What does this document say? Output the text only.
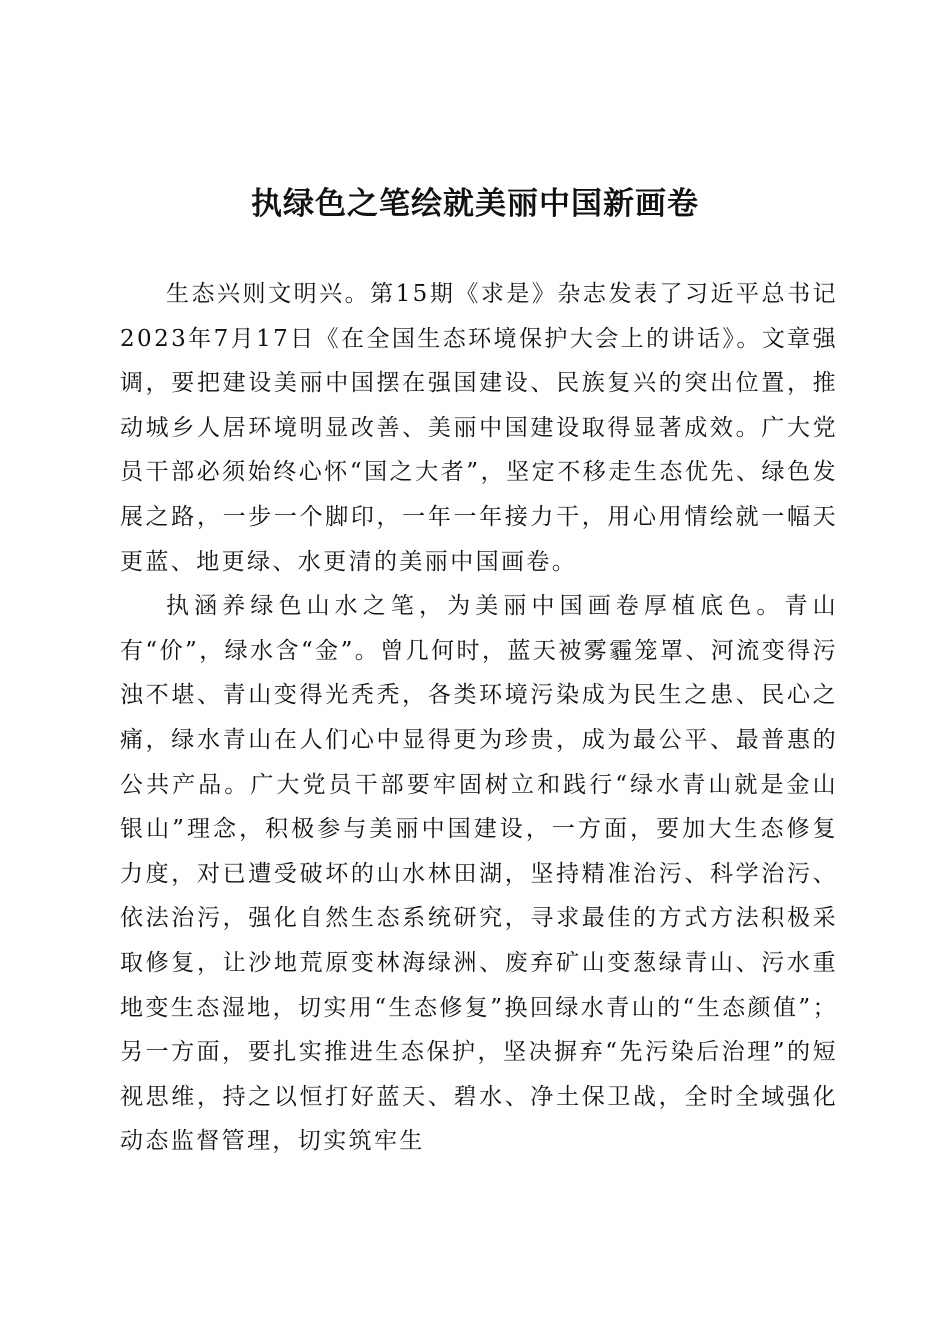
执绿色之笔绘就美丽中国新画卷

生态兴则文明兴。第15期《求是》杂志发表了习近平总书记2023年7月17日《在全国生态环境保护大会上的讲话》。文章强调，要把建设美丽中国摆在强国建设、民族复兴的突出位置，推动城乡人居环境明显改善、美丽中国建设取得显著成效。广大党员干部必须始终心怀“国之大者”，坚定不移走生态优先、绿色发展之路，一步一个脚印，一年一年接力干，用心用情绘就一幅天更蓝、地更绿、水更清的美丽中国画卷。

执涵养绿色山水之笔，为美丽中国画卷厚植底色。青山有“价”，绿水含“金”。曾几何时，蓝天被雾霾笼罩、河流变得污浊不堪、青山变得光秃秃，各类环境污染成为民生之患、民心之痛，绿水青山在人们心中显得更为珍贵，成为最公平、最普惠的公共产品。广大党员干部要牢固树立和践行“绿水青山就是金山银山”理念，积极参与美丽中国建设，一方面，要加大生态修复力度，对已遭受破坏的山水林田湖，坚持精准治污、科学治污、依法治污，强化自然生态系统研究，寻求最佳的方式方法积极采取修复，让沙地荒原变林海绿洲、废弃矿山变葱绿青山、污水重地变生态湿地，切实用“生态修复”换回绿水青山的“生态颜值”；另一方面，要扎实推进生态保护，坚决摒弃“先污染后治理”的短视思维，持之以恒打好蓝天、碧水、净土保卫战，全时全域强化动态监督管理，切实筑牢生
